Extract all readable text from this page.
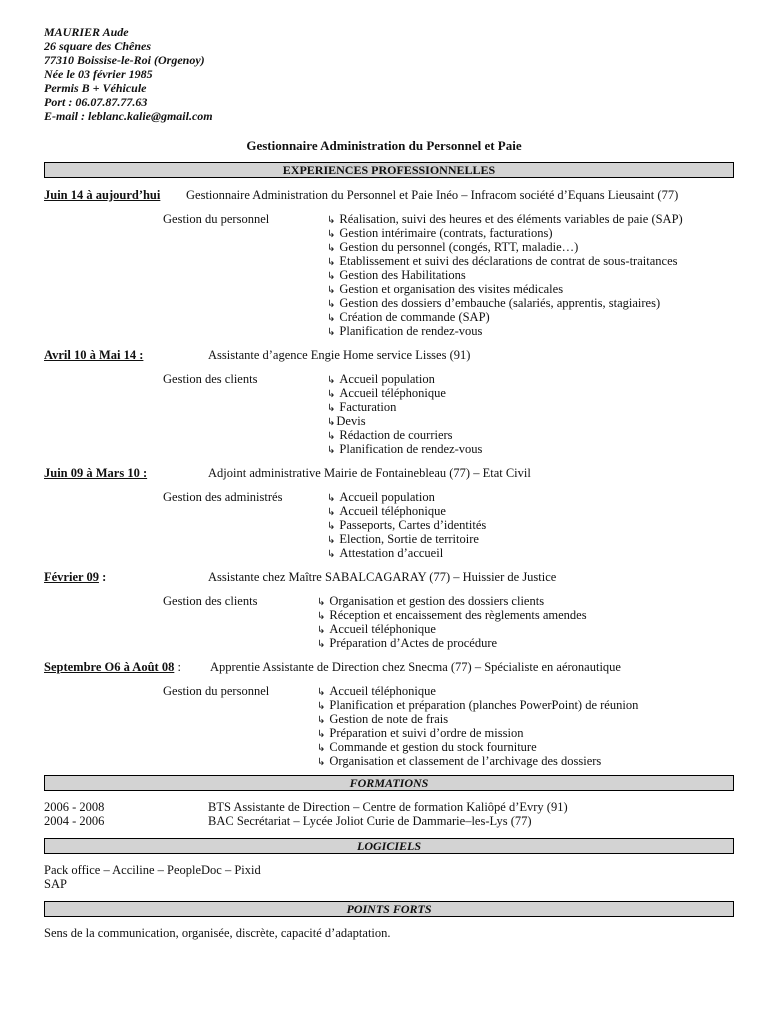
MAURIER Aude
26 square des Chênes
77310 Boissise-le-Roi (Orgenoy)
Née le 03 février 1985
Permis B + Véhicule
Port : 06.07.87.77.63
E-mail : leblanc.kalie@gmail.com
Gestionnaire Administration du Personnel et Paie
EXPERIENCES PROFESSIONNELLES
Juin 14 à aujourd’hui Gestionnaire Administration du Personnel et Paie Inéo – Infracom société d’Equans Lieusaint (77)
Gestion du personnel	↳ Réalisation, suivi des heures et des éléments variables de paie (SAP)
↳ Gestion intérimaire (contrats, facturations)
↳ Gestion du personnel (congés, RTT, maladie…)
↳ Etablissement et suivi des déclarations de contrat de sous-traitances
↳ Gestion des Habilitations
↳ Gestion et organisation des visites médicales
↳ Gestion des dossiers d’embauche (salariés, apprentis, stagiaires)
↳ Création de commande (SAP)
↳ Planification de rendez-vous
Avril 10 à Mai 14 :	Assistante d’agence Engie Home service Lisses (91)
Gestion des clients	↳ Accueil population
↳ Accueil téléphonique
↳ Facturation
↳Devis
↳ Rédaction de courriers
↳ Planification de rendez-vous
Juin 09 à Mars 10 :	Adjoint administrative Mairie de Fontainebleau (77) – Etat Civil
Gestion des administrés	↳ Accueil population
↳ Accueil téléphonique
↳ Passeports, Cartes d’identités
↳ Election, Sortie de territoire
↳ Attestation d’accueil
Février 09 :	Assistante chez Maître SABALCAGARAY (77) – Huissier de Justice
Gestion des clients	↳ Organisation et gestion des dossiers clients
↳ Réception et encaissement des règlements amendes
↳ Accueil téléphonique
↳ Préparation d’Actes de procédure
Septembre O6 à Août 08 : Apprentie Assistante de Direction chez Snecma (77) – Spécialiste en aéronautique
Gestion du personnel	↳ Accueil téléphonique
↳ Planification et préparation (planches PowerPoint) de réunion
↳ Gestion de note de frais
↳ Préparation et suivi d’ordre de mission
↳ Commande et gestion du stock fourniture
↳ Organisation et classement de l’archivage des dossiers
FORMATIONS
2006 - 2008	BTS Assistante de Direction – Centre de formation Kaliôpé d’Evry (91)
2004 - 2006	BAC Secrétariat – Lycée Joliot Curie de Dammarie–les-Lys (77)
LOGICIELS
Pack office – Acciline – PeopleDoc – Pixid
SAP
POINTS FORTS
Sens de la communication, organisée, discrète, capacité d’adaptation.
